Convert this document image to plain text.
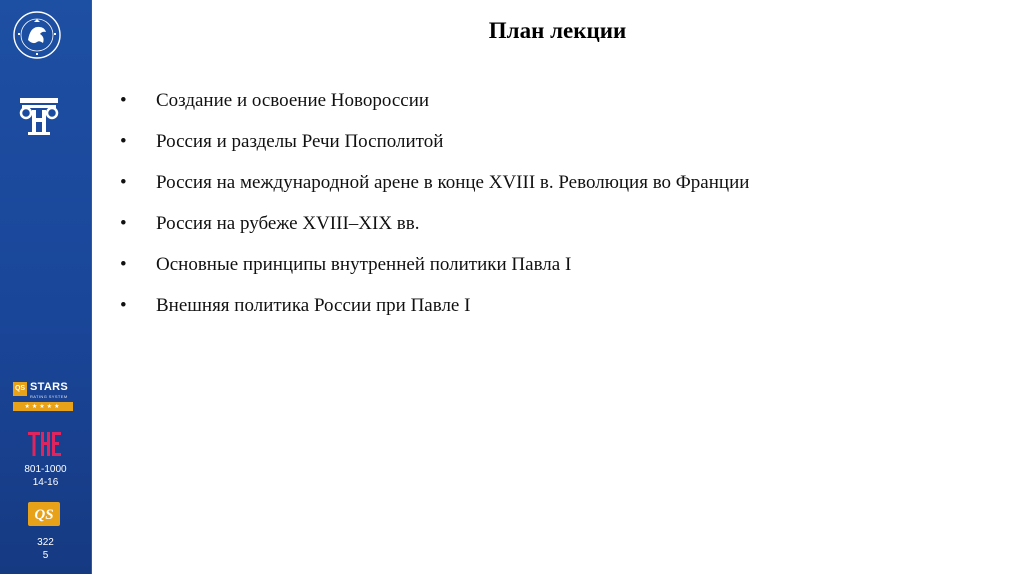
QS STARS
RATING SYSTEM
★★★★★
801-1000
14-16
QS
322
5
План лекции
•	Создание и освоение Новороссии
•	Россия и разделы Речи Посполитой
•	Россия на международной арене в конце XVIII в. Революция во Франции
•	Россия на рубеже XVIII–XIX вв.
•	Основные принципы внутренней политики Павла I
•	Внешняя политика России при Павле I
